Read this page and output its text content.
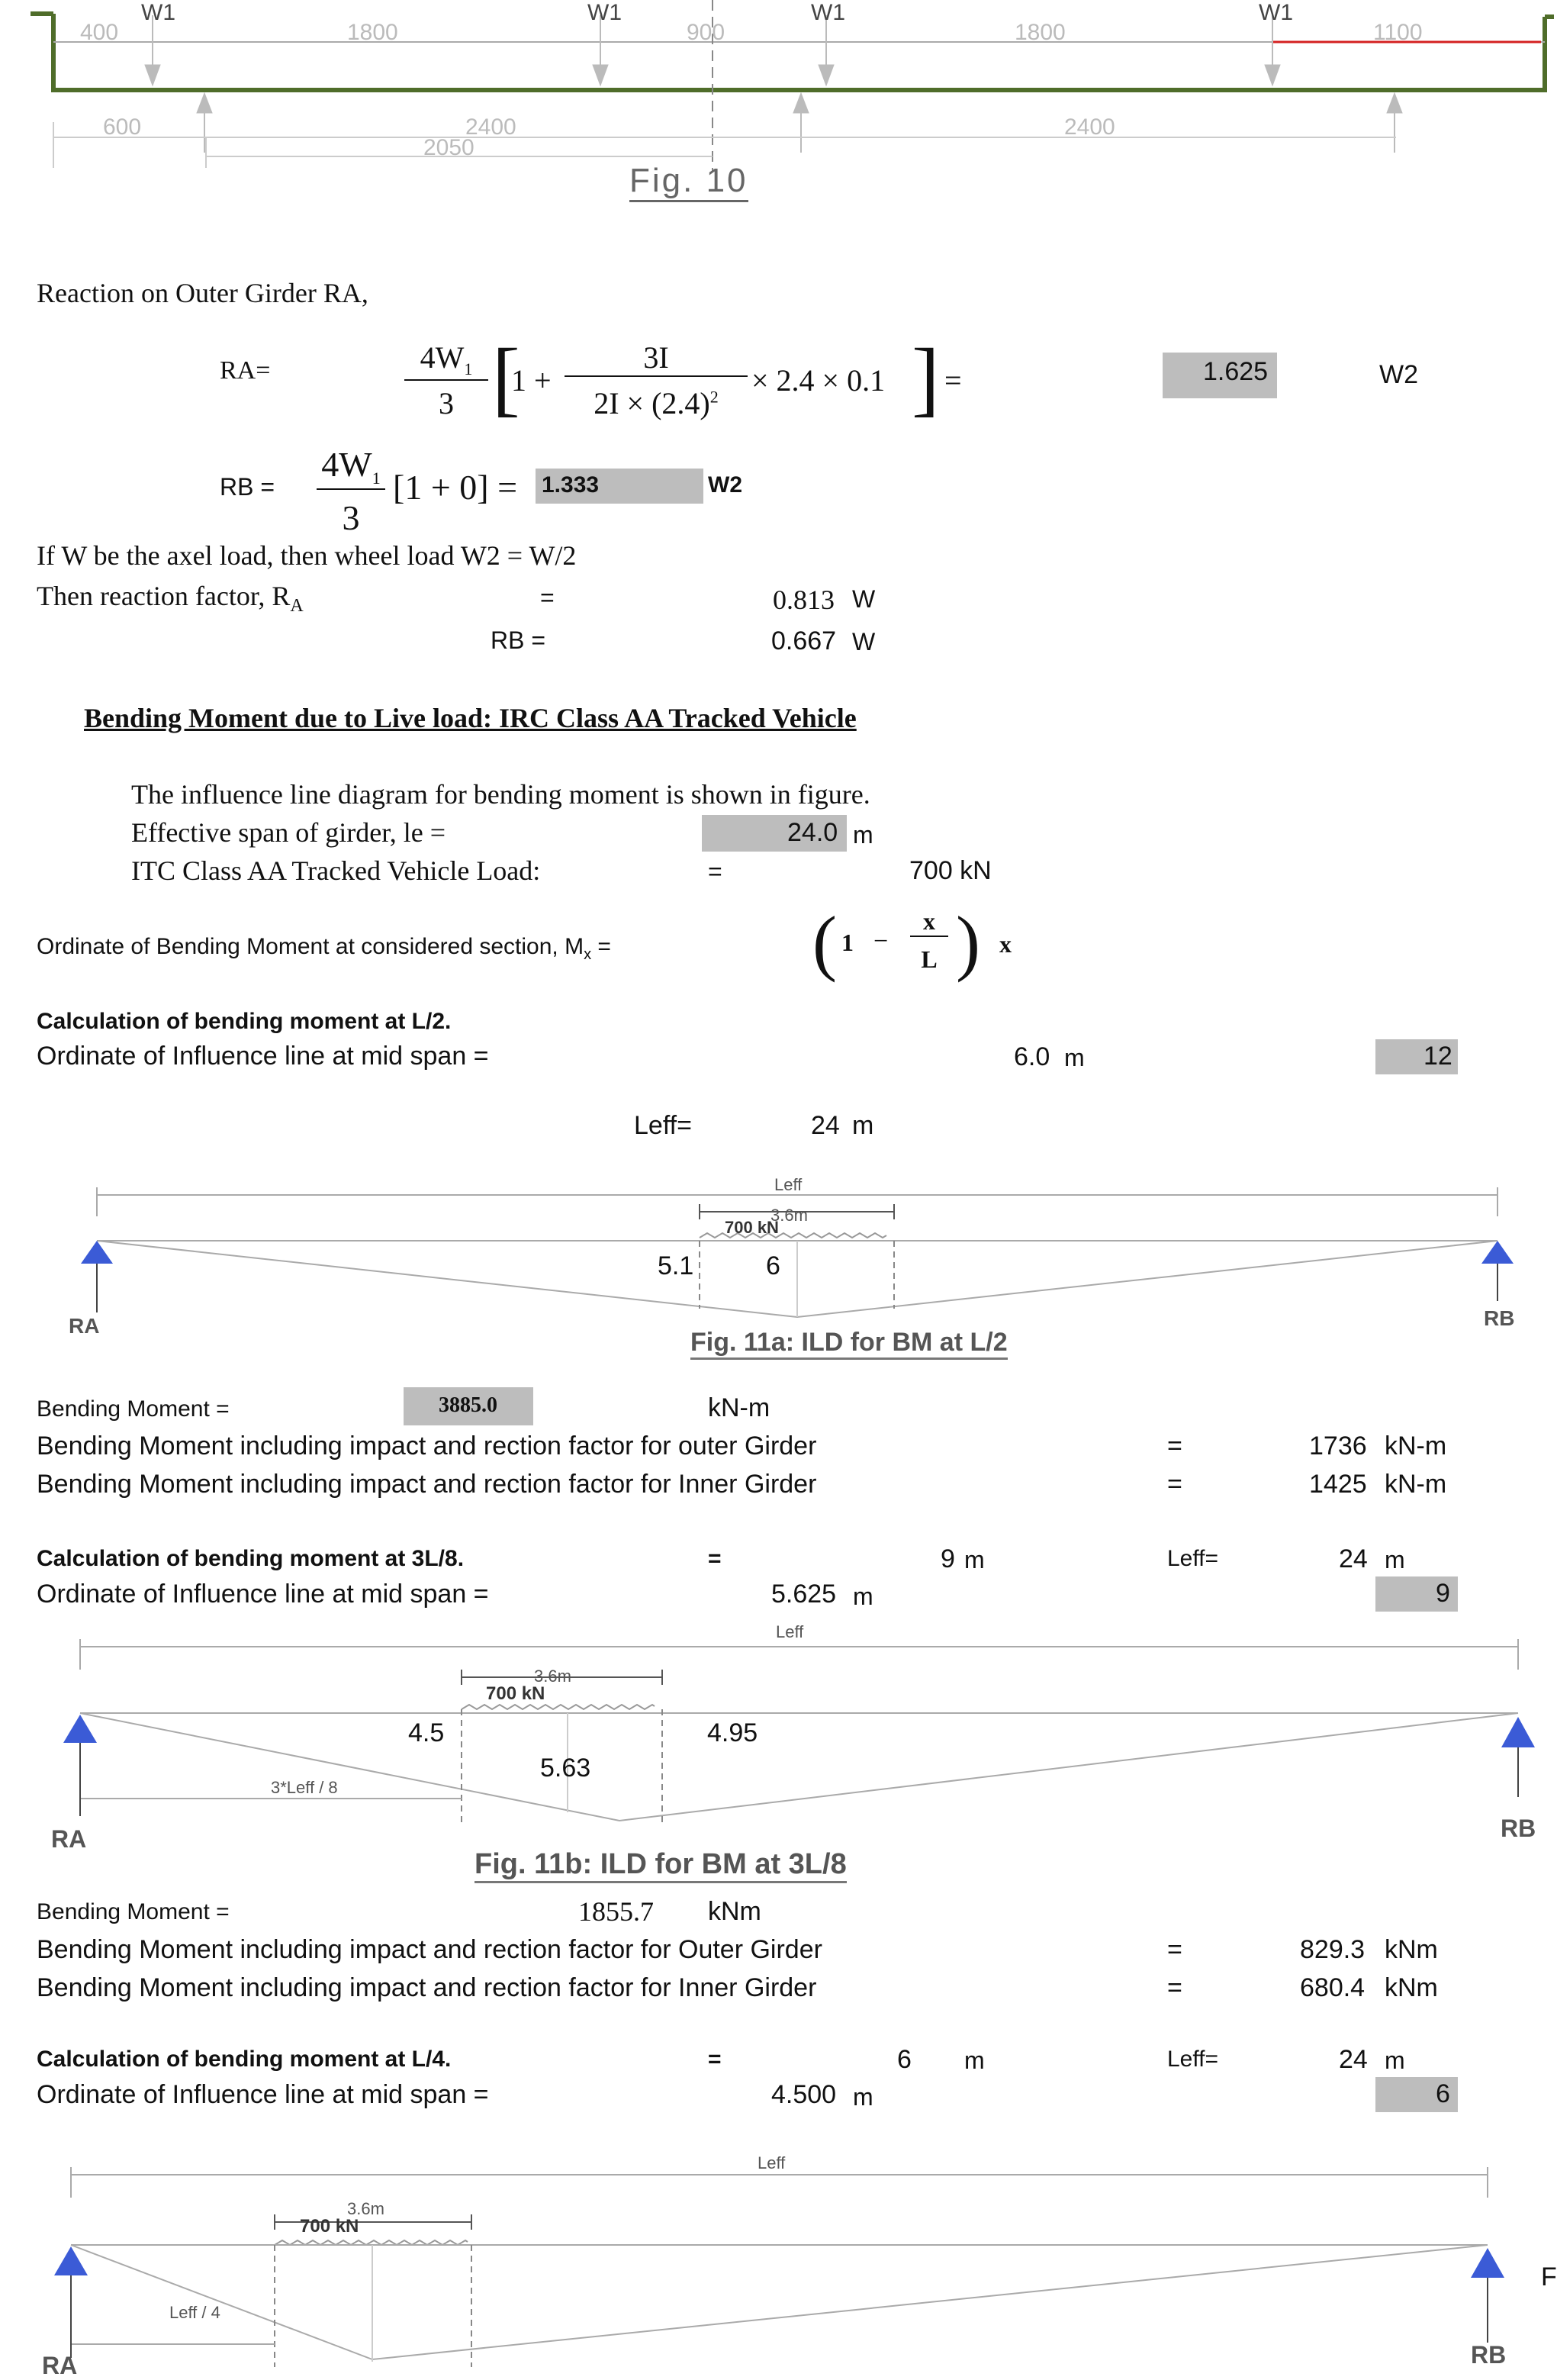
W1	W1	W1	W1
400	1800	900	1800	1100
600	2400
2050
2400
Fig. 10
Reaction on Outer Girder RA,
RA=	$4W_1$
3 [
1 +
3I
$2I \times (2.4)^2$	× 2.4 × 0.1 ] =	1.625	W2
RB =
$4W_1$
3
[1 + 0] = 1.333	W2
If W be the axel load, then wheel load W2 = W/2
Then reaction factor, $R_A$	=	0.813 W
RB =	0.667 W
Bending Moment due to Live load: IRC Class AA Tracked Vehicle
The influence line diagram for bending moment is shown in figure.
Effective span of girder, le =	24.0 m
ITC Class AA Tracked Vehicle Load:	=	700 kN
Ordinate of Bending Moment at considered section, $M_x$ =	( 1 −
x
L ) x
Calculation of bending moment at L/2.
Ordinate of Influence line at mid span =	6.0 m	12
Leff=	24 m
Leff
3.6m
700 kN
5.1	6
RA	RB
Fig. 11a: ILD for BM at L/2
Bending Moment =	3885.0	kN-m
Bending Moment including impact and rection factor for outer Girder	=	1736 kN-m
Bending Moment including impact and rection factor for Inner Girder	=	1425 kN-m
Calculation of bending moment at 3L/8.	=	9 m	Leff=	24 m
Ordinate of Influence line at mid span =	5.625 m	9
Leff
3.6m
700 kN
4.5
5.63
4.95
3*Leff / 8
RA	RB
Fig. 11b: ILD for BM at 3L/8
Bending Moment =	1855.7 kNm
Bending Moment including impact and rection factor for Outer Girder	=	829.3 kNm
Bending Moment including impact and rection factor for Inner Girder	=	680.4 kNm
Calculation of bending moment at L/4.	=	6 m	Leff=	24 m
Ordinate of Influence line at mid span =	4.500 m	6
Leff
3.6m
700 kN
Leff / 4
RA	RB
F
